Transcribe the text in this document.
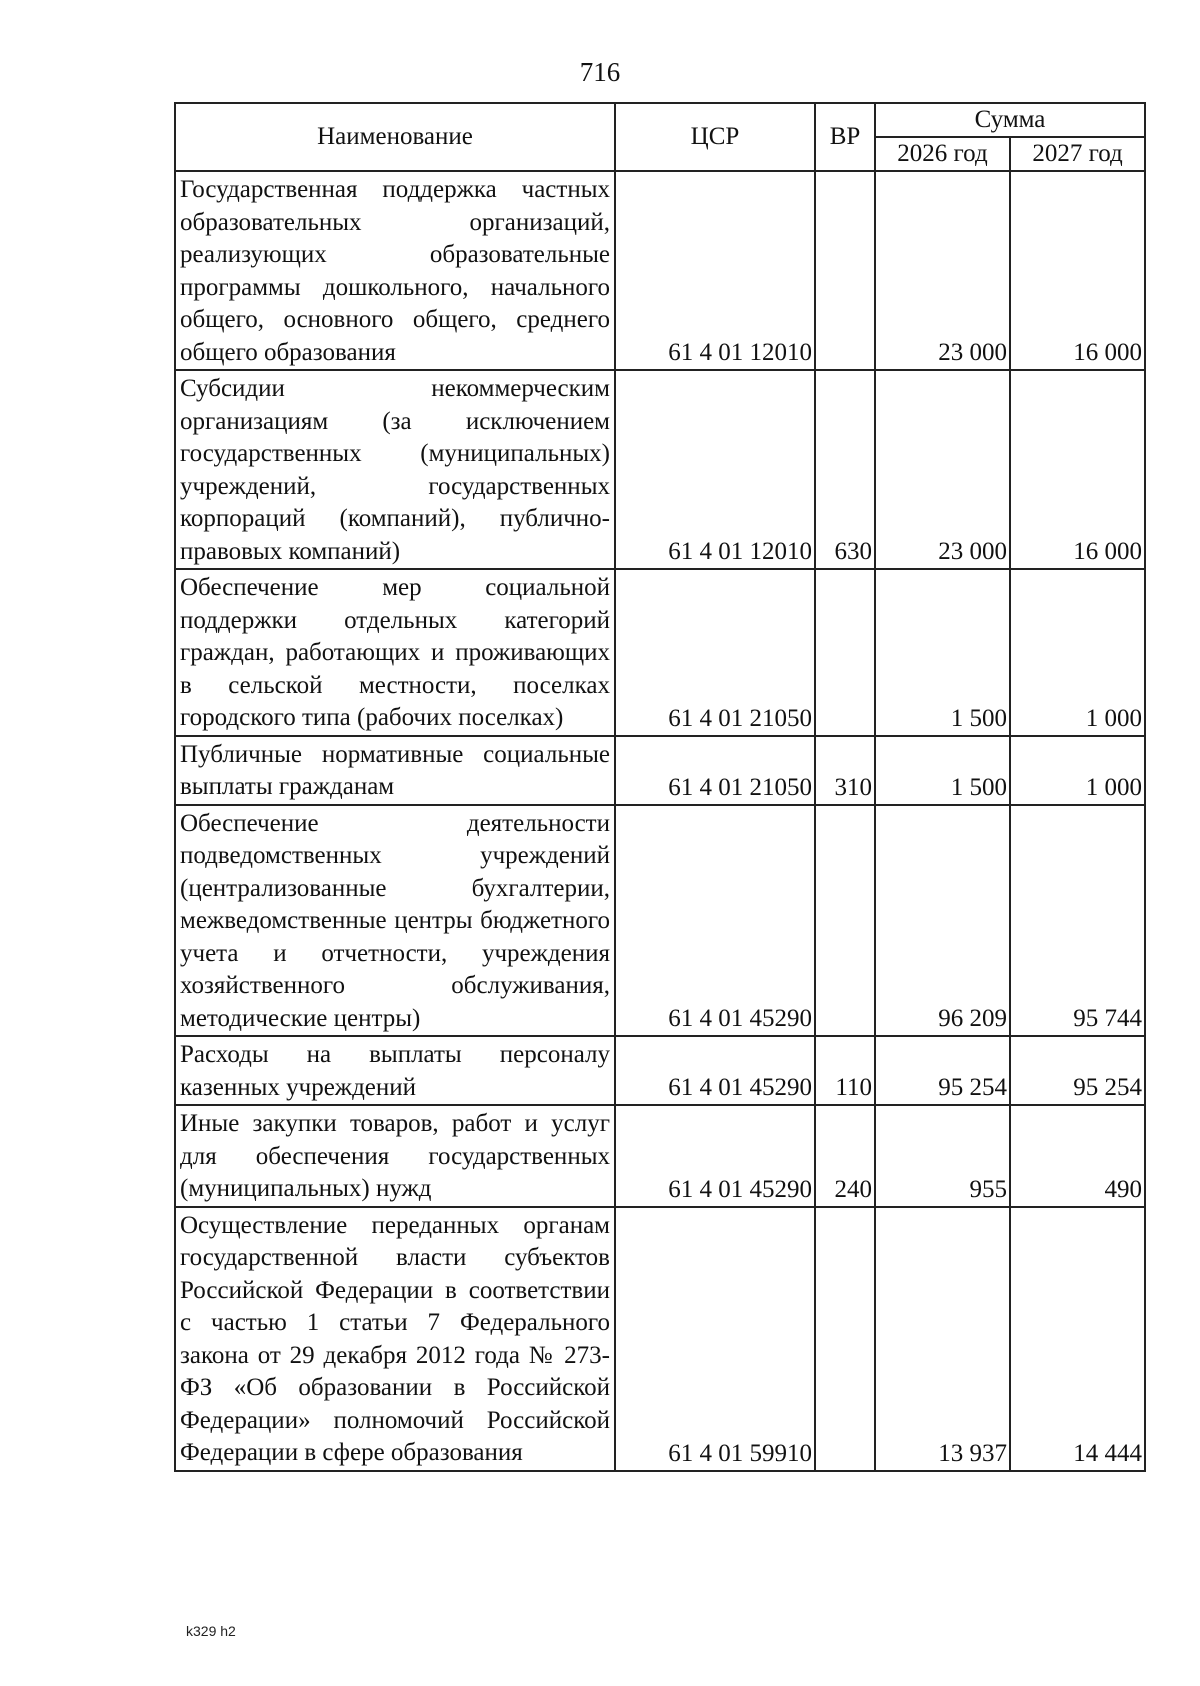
716
Наименование	ЦСР	ВР	Сумма	
			2026 год	2027 год
Государственная поддержка частных образовательных организаций, реализующих образовательные программы дошкольного, начального общего, основного общего, среднего общего образования	61 4 01 12010		23 000	16 000
Субсидии некоммерческим организациям (за исключением государственных (муниципальных) учреждений, государственных корпораций (компаний), публично-правовых компаний)	61 4 01 12010	630	23 000	16 000
Обеспечение мер социальной поддержки отдельных категорий граждан, работающих и проживающих в сельской местности, поселках городского типа (рабочих поселках)	61 4 01 21050		1 500	1 000
Публичные нормативные социальные выплаты гражданам	61 4 01 21050	310	1 500	1 000
Обеспечение деятельности подведомственных учреждений (централизованные бухгалтерии, межведомственные центры бюджетного учета и отчетности, учреждения хозяйственного обслуживания, методические центры)	61 4 01 45290		96 209	95 744
Расходы на выплаты персоналу казенных учреждений	61 4 01 45290	110	95 254	95 254
Иные закупки товаров, работ и услуг для обеспечения государственных (муниципальных) нужд	61 4 01 45290	240	955	490
Осуществление переданных органам государственной власти субъектов Российской Федерации в соответствии с частью 1 статьи 7 Федерального закона от 29 декабря 2012 года № 273-ФЗ «Об образовании в Российской Федерации» полномочий Российской Федерации в сфере образования	61 4 01 59910		13 937	14 444
k329 h2
